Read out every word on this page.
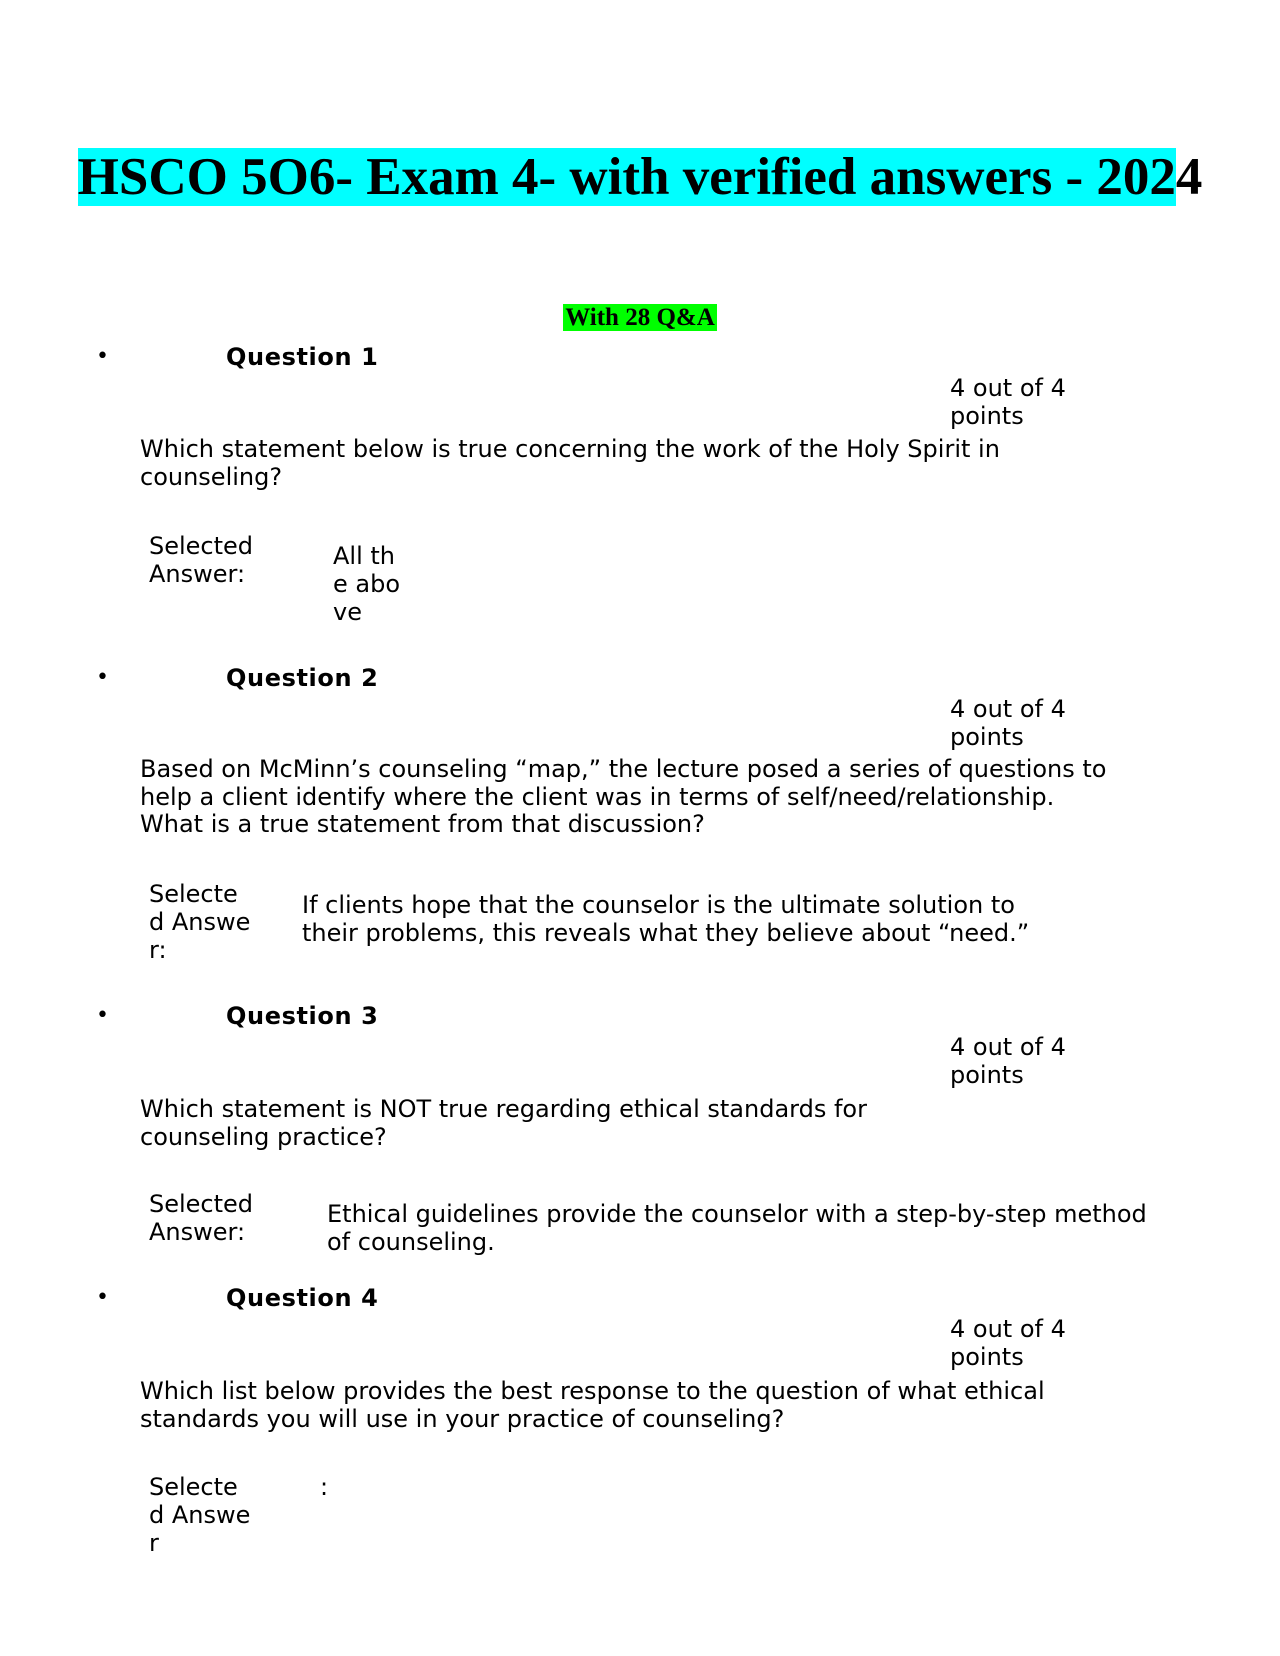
HSCO 5O6- Exam 4- with verified answers - 2024
With 28 Q&A
•	Question 1
4 out of 4 points
Which statement below is true concerning the work of the Holy Spirit in counseling?
Selected Answer:
All the above
•	Question 2
4 out of 4 points
Based on McMinn’s counseling “map,” the lecture posed a series of questions to help a client identify where the client was in terms of self/need/relationship. What is a true statement from that discussion?
Selected Answer:
If clients hope that the counselor is the ultimate solution to their problems, this reveals what they believe about “need.”
•	Question 3
4 out of 4 points
Which statement is NOT true regarding ethical standards for counseling practice?
Selected Answer:
Ethical guidelines provide the counselor with a step-by-step method of counseling.
•	Question 4
4 out of 4 points
Which list below provides the best response to the question of what ethical standards you will use in your practice of counseling?
Selected Answer
:
